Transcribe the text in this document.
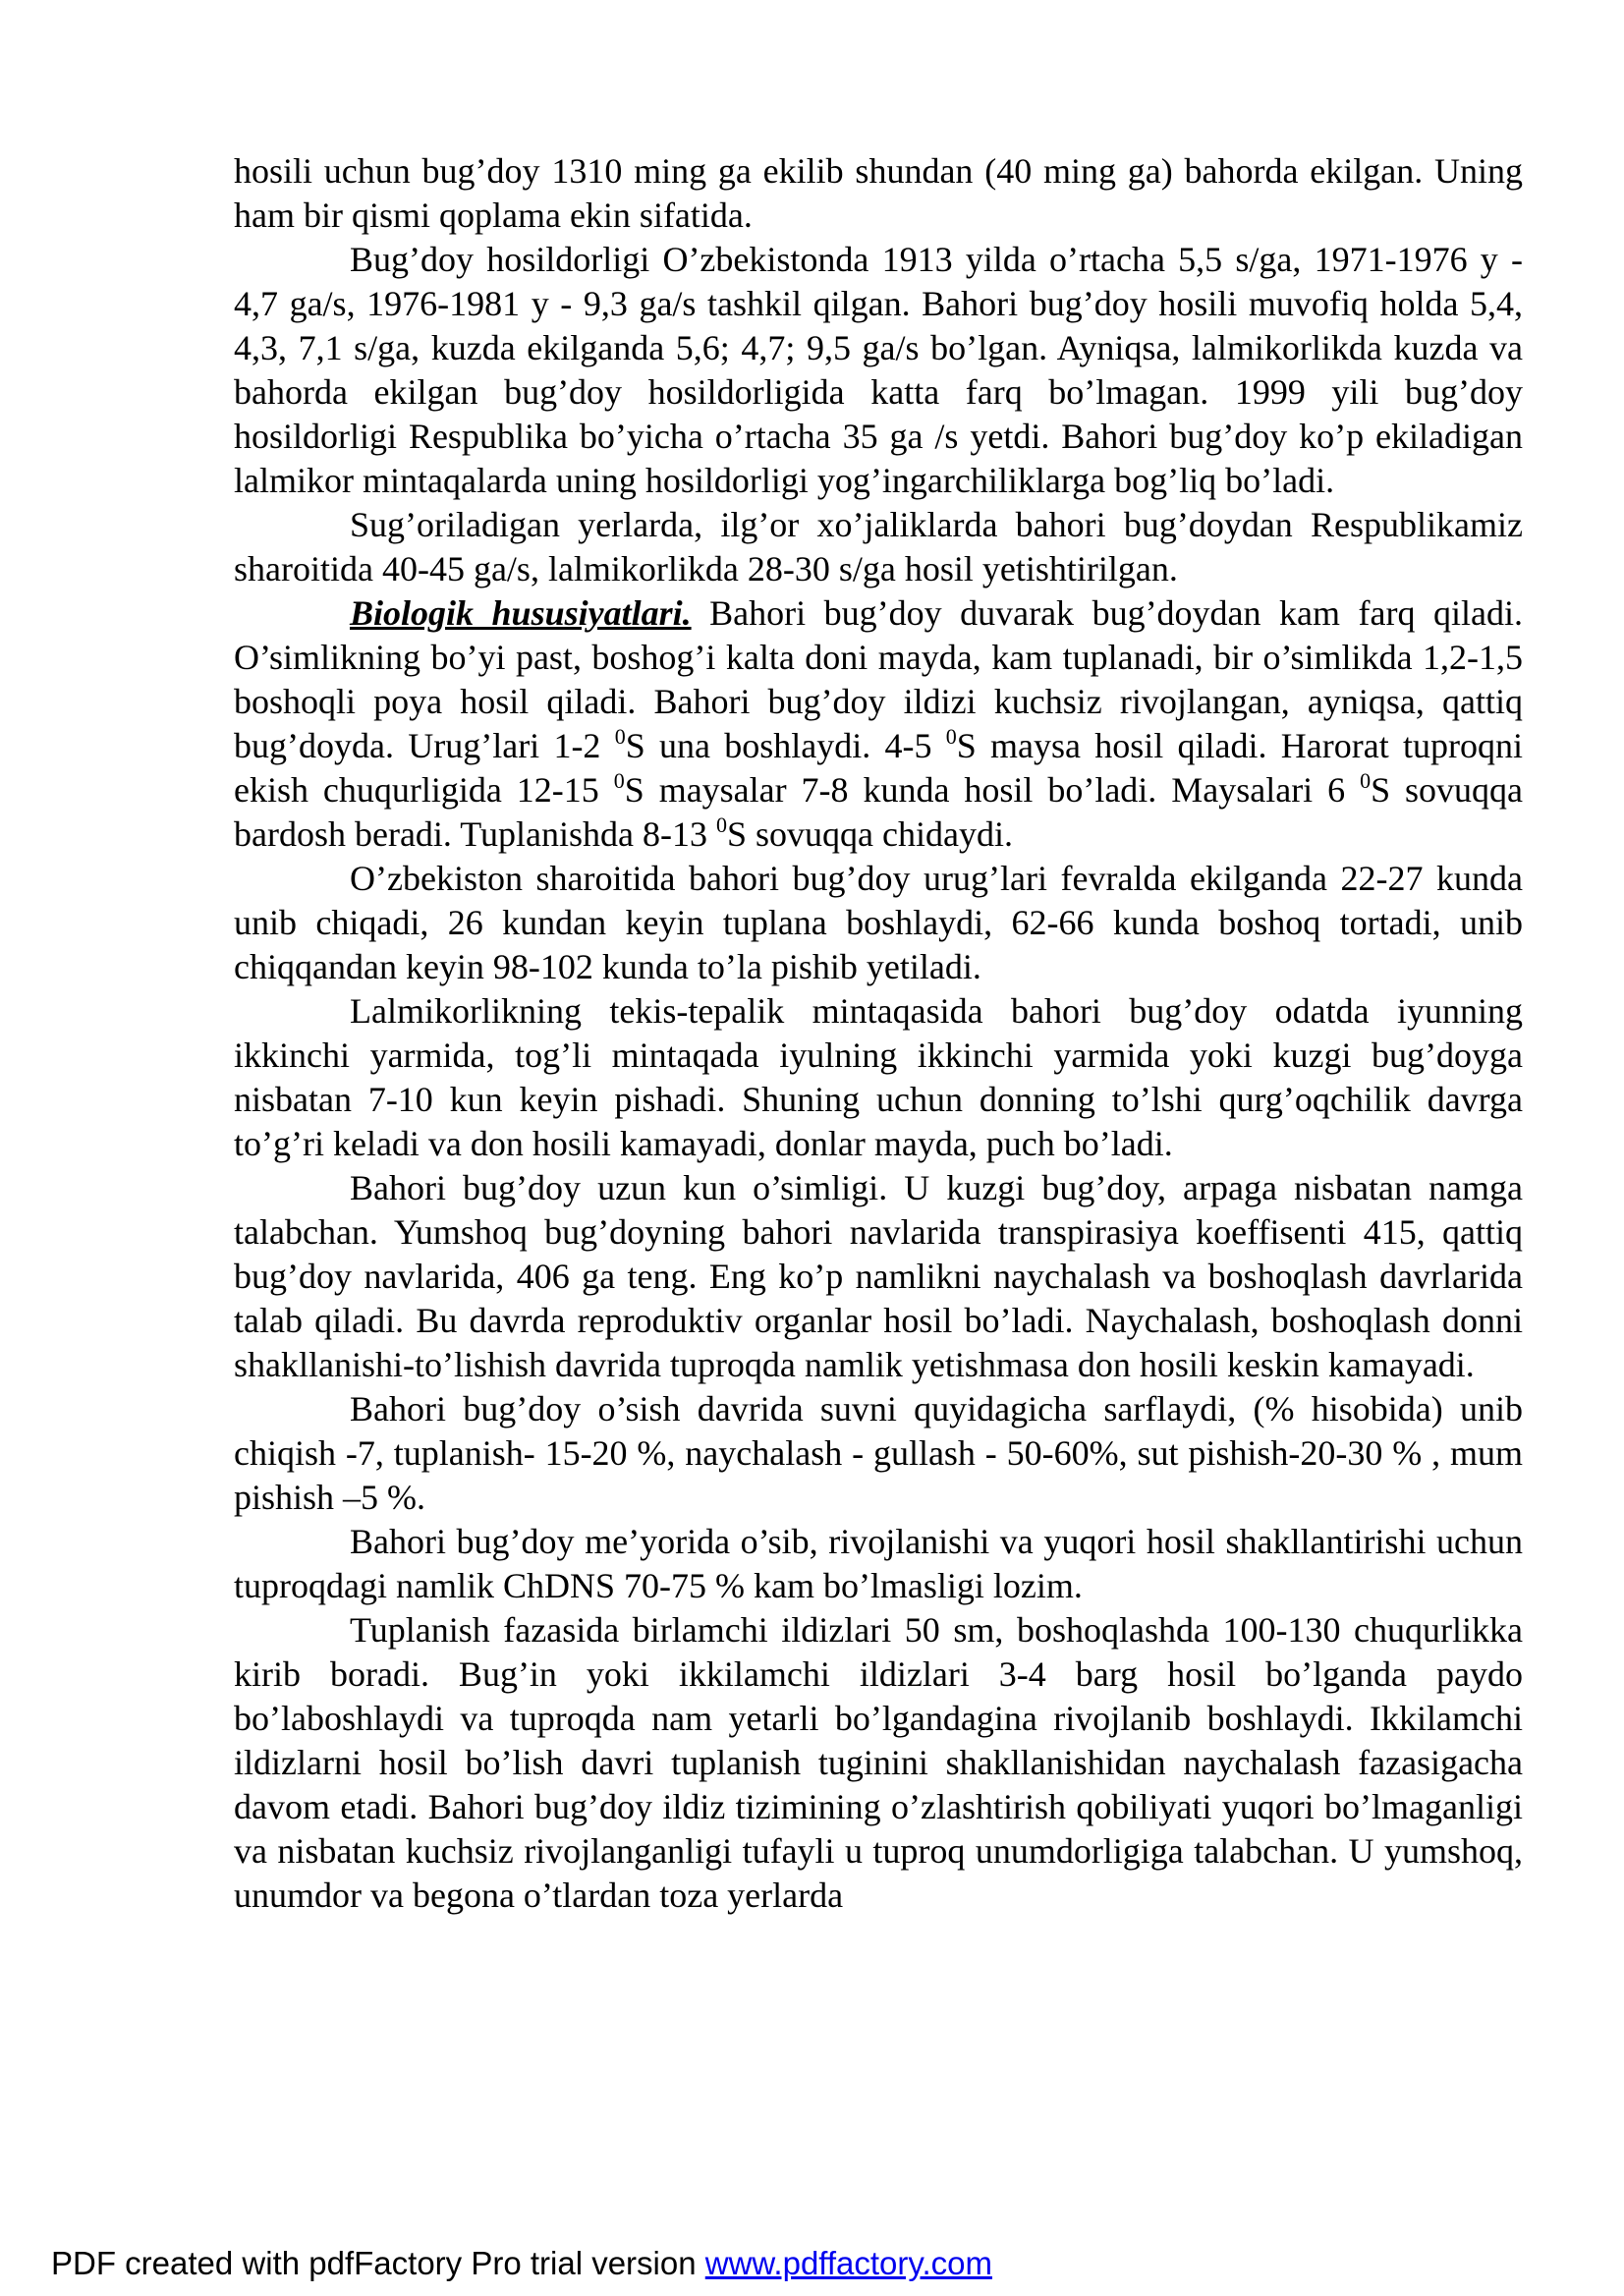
hosili uchun bug’doy 1310 ming ga ekilib shundan (40 ming ga) bahorda ekilgan. Uning ham bir qismi qoplama ekin sifatida.

Bug’doy hosildorligi O’zbekistonda 1913 yilda o’rtacha 5,5 s/ga, 1971-1976 y - 4,7 ga/s, 1976-1981 y - 9,3 ga/s tashkil qilgan. Bahori bug’doy hosili muvofiq holda 5,4, 4,3, 7,1 s/ga, kuzda ekilganda 5,6; 4,7; 9,5 ga/s bo’lgan. Ayniqsa, lalmikorlikda kuzda va bahorda ekilgan bug’doy hosildorligida katta farq bo’lmagan. 1999 yili bug’doy hosildorligi Respublika bo’yicha o’rtacha 35 ga /s yetdi. Bahori bug’doy ko’p ekiladigan lalmikor mintaqalarda uning hosildorligi yog’ingarchiliklarga bog’liq bo’ladi.

Sug’oriladigan yerlarda, ilg’or xo’jaliklarda bahori bug’doydan Respublikamiz sharoitida 40-45 ga/s, lalmikorlikda 28-30 s/ga hosil yetishtirilgan.

Biologik hususiyatlari. Bahori bug’doy duvarak bug’doydan kam farq qiladi. O’simlikning bo’yi past, boshog’i kalta doni mayda, kam tuplanadi, bir o’simlikda 1,2-1,5 boshoqli poya hosil qiladi. Bahori bug’doy ildizi kuchsiz rivojlangan, ayniqsa, qattiq bug’doyda. Urug’lari 1-2 $^0$S una boshlaydi. 4-5 $^0$S maysa hosil qiladi. Harorat tuproqni ekish chuqurligida 12-15 $^0$S maysalar 7-8 kunda hosil bo’ladi. Maysalari 6 $^0$S sovuqqa bardosh beradi. Tuplanishda 8-13 $^0$S sovuqqa chidaydi.

O’zbekiston sharoitida bahori bug’doy urug’lari fevralda ekilganda 22-27 kunda unib chiqadi, 26 kundan keyin tuplana boshlaydi, 62-66 kunda boshoq tortadi, unib chiqqandan keyin 98-102 kunda to’la pishib yetiladi.

Lalmikorlikning tekis-tepalik mintaqasida bahori bug’doy odatda iyunning ikkinchi yarmida, tog’li mintaqada iyulning ikkinchi yarmida yoki kuzgi bug’doyga nisbatan 7-10 kun keyin pishadi. Shuning uchun donning to’lshi qurg’oqchilik davrga to’g’ri keladi va don hosili kamayadi, donlar mayda, puch bo’ladi.

Bahori bug’doy uzun kun o’simligi. U kuzgi bug’doy, arpaga nisbatan namga talabchan. Yumshoq bug’doyning bahori navlarida transpirasiya koeffisenti 415, qattiq bug’doy navlarida, 406 ga teng. Eng ko’p namlikni naychalash va boshoqlash davrlarida talab qiladi. Bu davrda reproduktiv organlar hosil bo’ladi. Naychalash, boshoqlash donni shakllanishi-to’lishish davrida tuproqda namlik yetishmasa don hosili keskin kamayadi.

Bahori bug’doy o’sish davrida suvni quyidagicha sarflaydi, (% hisobida) unib chiqish -7, tuplanish- 15-20 %, naychalash - gullash - 50-60%, sut pishish-20-30 % , mum pishish –5 %.

Bahori bug’doy me’yorida o’sib, rivojlanishi va yuqori hosil shakllantirishi uchun tuproqdagi namlik ChDNS 70-75 % kam bo’lmasligi lozim.

Tuplanish fazasida birlamchi ildizlari 50 sm, boshoqlashda 100-130 chuqurlikka kirib boradi. Bug’in yoki ikkilamchi ildizlari 3-4 barg hosil bo’lganda paydo bo’laboshlaydi va tuproqda nam yetarli bo’lgandagina rivojlanib boshlaydi. Ikkilamchi ildizlarni hosil bo’lish davri tuplanish tuginini shakllanishidan naychalash fazasigacha davom etadi. Bahori bug’doy ildiz tizimining o’zlashtirish qobiliyati yuqori bo’lmaganligi va nisbatan kuchsiz rivojlanganligi tufayli u tuproq unumdorligiga talabchan. U yumshoq, unumdor va begona o’tlardan toza yerlarda

PDF created with pdfFactory Pro trial version www.pdffactory.com
